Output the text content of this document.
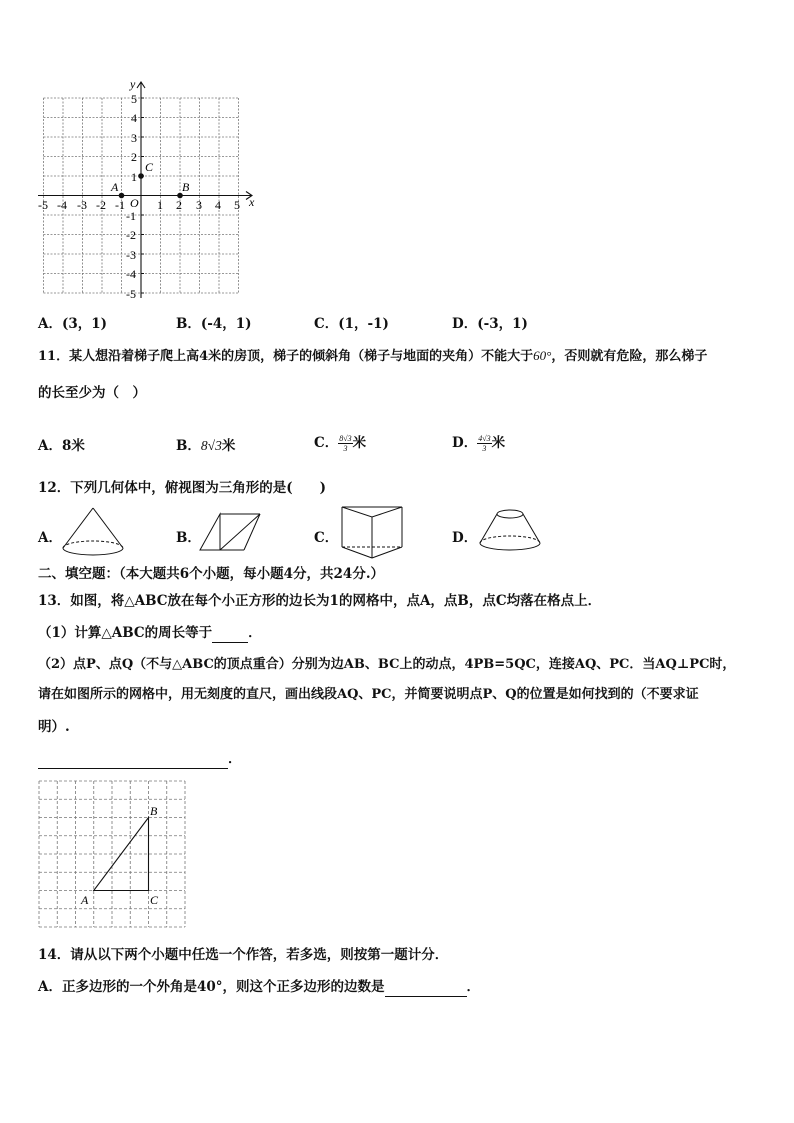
y
x
O
-5 -4 -3 -2 -1	1 2 3 4 5
5
4
3
2
1
-1
-2
-3
-4
-5
A	B
C
A．(3，1)	B．(-4，1)	C．(1，-1)	D．(-3，1)
11．某人想沿着梯子爬上高4米的房顶，梯子的倾斜角（梯子与地面的夹角）不能大于60°，否则就有危险，那么梯子
的长至少为（　）
A．8米	B．8√3米	C． $\frac{8√3}{3}$ 米	D． $\frac{4√3}{3}$ 米
12．下列几何体中，俯视图为三角形的是(　　)
A．	B．	C．	D．
二、填空题：（本大题共6个小题，每小题4分，共24分.）
13．如图，将△ABC放在每个小正方形的边长为1的网格中，点A，点B，点C均落在格点上．
（1）计算△ABC的周长等于	．
（2）点P、点Q（不与△ABC的顶点重合）分别为边AB、BC上的动点，4PB=5QC，连接AQ、PC．当AQ⊥PC时，
请在如图所示的网格中，用无刻度的直尺，画出线段AQ、PC，并简要说明点P、Q的位置是如何找到的（不要求证
明）.
．
A
B
C
14．请从以下两个小题中任选一个作答，若多选，则按第一题计分．
A．正多边形的一个外角是40°，则这个正多边形的边数是	．
